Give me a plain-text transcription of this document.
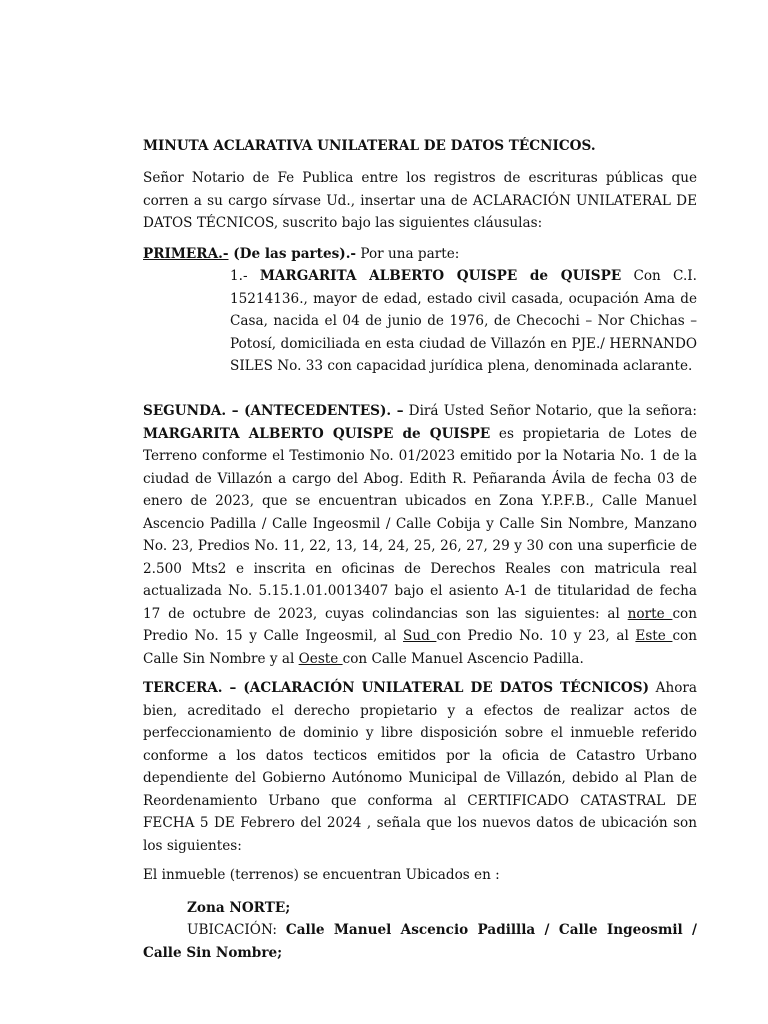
MINUTA ACLARATIVA UNILATERAL DE DATOS TÉCNICOS.

Señor Notario de Fe Publica entre los registros de escrituras públicas que corren a su cargo sírvase Ud., insertar una de ACLARACIÓN UNILATERAL DE DATOS TÉCNICOS, suscrito bajo las siguientes cláusulas:

PRIMERA.- (De las partes).- Por una parte:

1.- MARGARITA ALBERTO QUISPE de QUISPE Con C.I. 15214136., mayor de edad, estado civil casada, ocupación Ama de Casa, nacida el 04 de junio de 1976, de Checochi – Nor Chichas – Potosí, domiciliada en esta ciudad de Villazón en PJE./ HERNANDO SILES No. 33 con capacidad jurídica plena, denominada aclarante.

SEGUNDA. – (ANTECEDENTES). – Dirá Usted Señor Notario, que la señora: MARGARITA ALBERTO QUISPE de QUISPE es propietaria de Lotes de Terreno conforme el Testimonio No. 01/2023 emitido por la Notaria No. 1 de la ciudad de Villazón a cargo del Abog. Edith R. Peñaranda Ávila de fecha 03 de enero de 2023, que se encuentran ubicados en Zona Y.P.F.B., Calle Manuel Ascencio Padilla / Calle Ingeosmil / Calle Cobija y Calle Sin Nombre, Manzano No. 23, Predios No. 11, 22, 13, 14, 24, 25, 26, 27, 29 y 30 con una superficie de 2.500 Mts2 e inscrita en oficinas de Derechos Reales con matricula real actualizada No. 5.15.1.01.0013407 bajo el asiento A-1 de titularidad de fecha 17 de octubre de 2023, cuyas colindancias son las siguientes: al norte con Predio No. 15 y Calle Ingeosmil, al Sud con Predio No. 10 y 23, al Este con Calle Sin Nombre y al Oeste con Calle Manuel Ascencio Padilla.

TERCERA. – (ACLARACIÓN UNILATERAL DE DATOS TÉCNICOS) Ahora bien, acreditado el derecho propietario y a efectos de realizar actos de perfeccionamiento de dominio y libre disposición sobre el inmueble referido conforme a los datos tecticos emitidos por la oficia de Catastro Urbano dependiente del Gobierno Autónomo Municipal de Villazón, debido al Plan de Reordenamiento Urbano que conforma al CERTIFICADO CATASTRAL DE FECHA 5 DE Febrero del 2024 , señala que los nuevos datos de ubicación son los siguientes:

El inmueble (terrenos) se encuentran Ubicados en :

Zona NORTE;

UBICACIÓN: Calle Manuel Ascencio Padillla / Calle Ingeosmil / Calle Sin Nombre;
